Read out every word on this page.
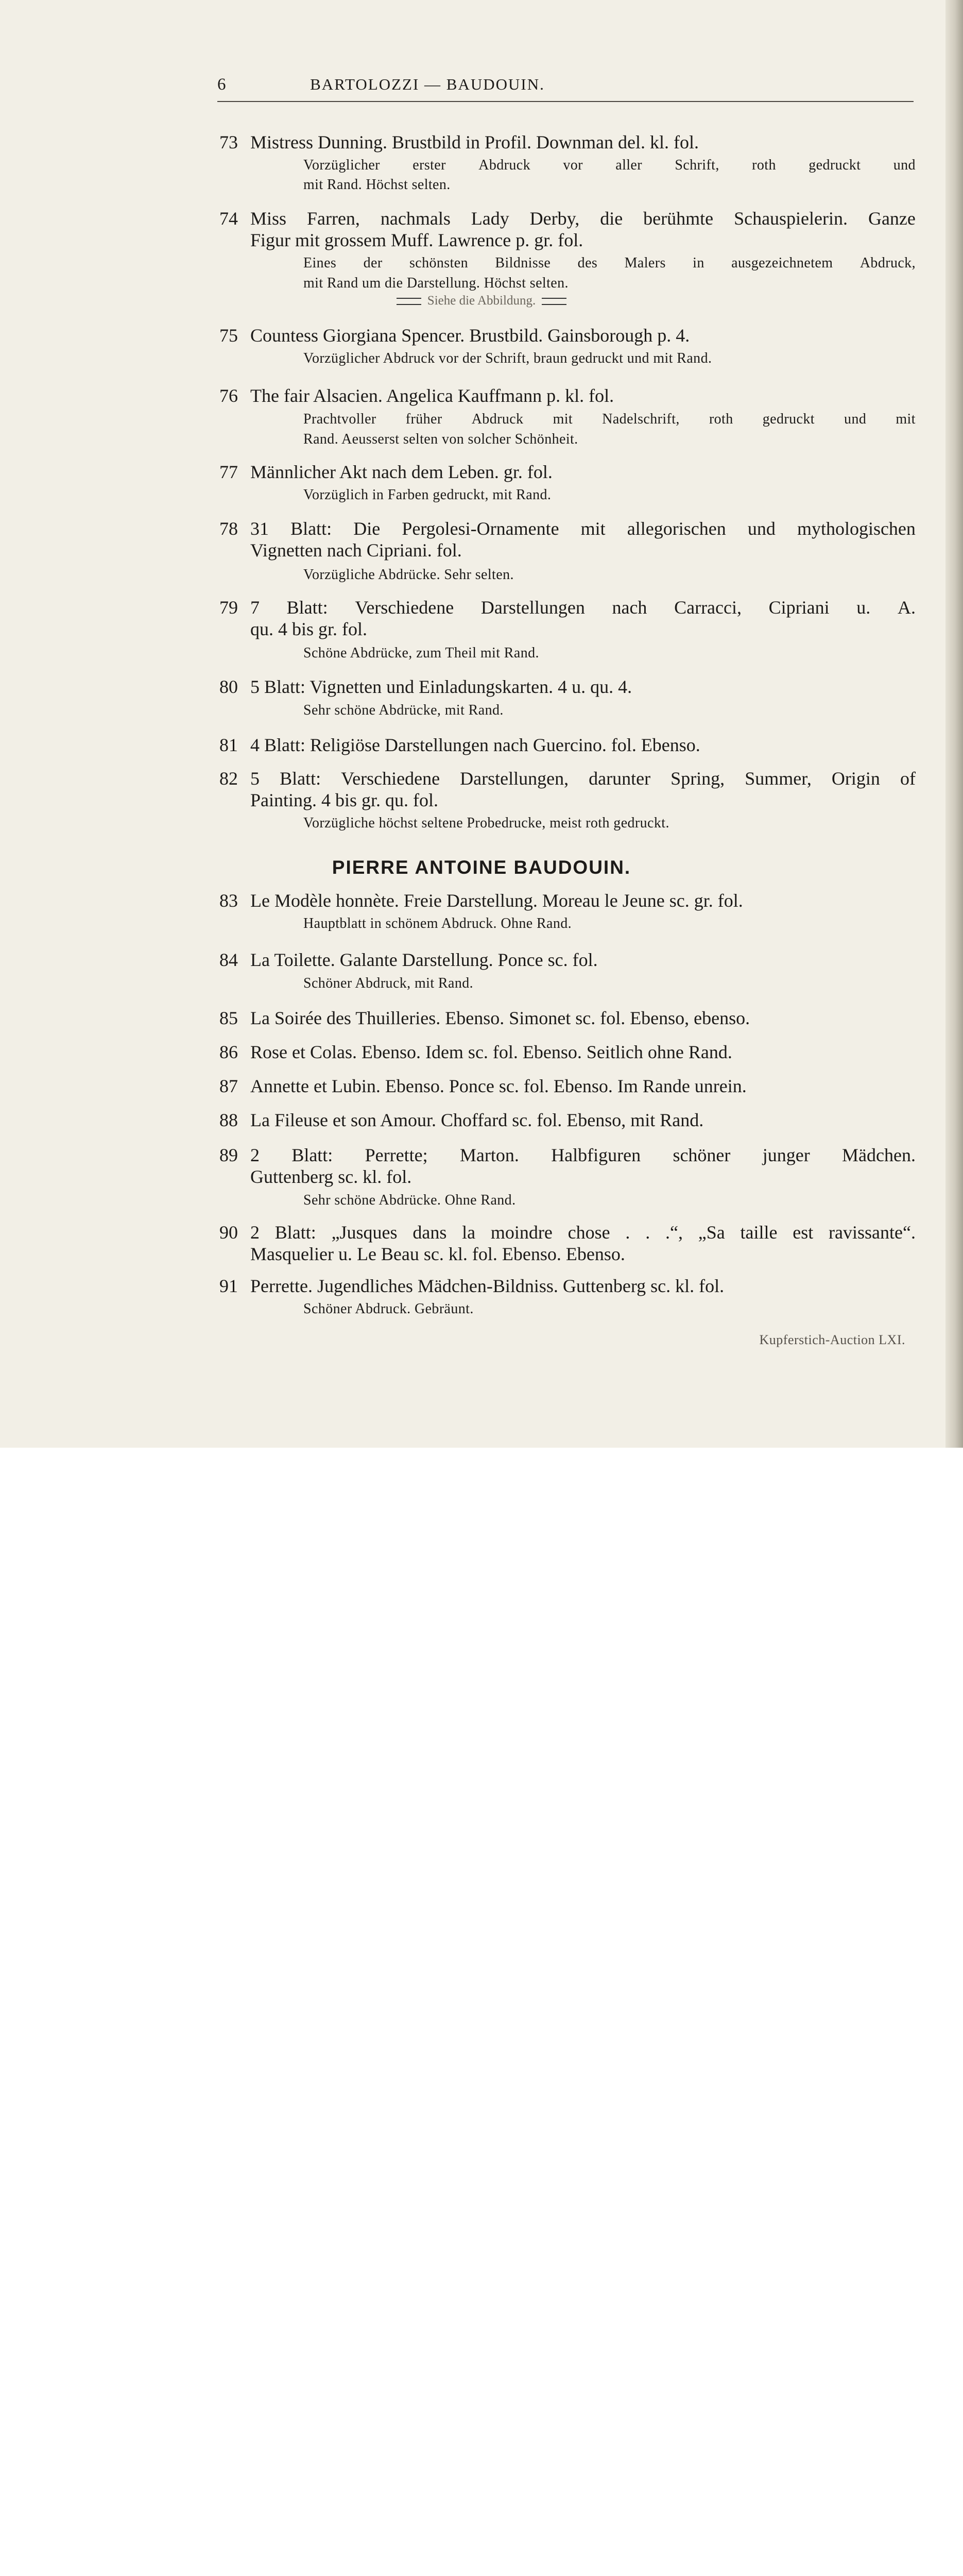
6	BARTOLOZZI — BAUDOUIN.
73 Mistress Dunning. Brustbild in Profil. Downman del. kl. fol.
Vorzüglicher erster Abdruck vor aller Schrift, roth gedruckt und
mit Rand. Höchst selten.
74 Miss Farren, nachmals Lady Derby, die berühmte Schauspielerin. Ganze
Figur mit grossem Muff. Lawrence p. gr. fol.
Eines der schönsten Bildnisse des Malers in ausgezeichnetem Abdruck,
mit Rand um die Darstellung. Höchst selten.
75 Countess Giorgiana Spencer. Brustbild. Gainsborough p. 4.
Vorzüglicher Abdruck vor der Schrift, braun gedruckt und mit Rand.
76 The fair Alsacien. Angelica Kauffmann p. kl. fol.
Prachtvoller früher Abdruck mit Nadelschrift, roth gedruckt und mit
Rand. Aeusserst selten von solcher Schönheit.
77 Männlicher Akt nach dem Leben. gr. fol.
Vorzüglich in Farben gedruckt, mit Rand.
78 31 Blatt: Die Pergolesi-Ornamente mit allegorischen und mythologischen
Vignetten nach Cipriani. fol.
Vorzügliche Abdrücke. Sehr selten.
79 7 Blatt: Verschiedene Darstellungen nach Carracci, Cipriani u. A.
qu. 4 bis gr. fol.
Schöne Abdrücke, zum Theil mit Rand.
80 5 Blatt: Vignetten und Einladungskarten. 4 u. qu. 4.
Sehr schöne Abdrücke, mit Rand.
81 4 Blatt: Religiöse Darstellungen nach Guercino. fol. Ebenso.
82 5 Blatt: Verschiedene Darstellungen, darunter Spring, Summer, Origin of
Painting. 4 bis gr. qu. fol.
Vorzügliche höchst seltene Probedrucke, meist roth gedruckt.
83 Le Modèle honnète. Freie Darstellung. Moreau le Jeune sc. gr. fol.
Hauptblatt in schönem Abdruck. Ohne Rand.
84 La Toilette. Galante Darstellung. Ponce sc. fol.
Schöner Abdruck, mit Rand.
85 La Soirée des Thuilleries. Ebenso. Simonet sc. fol. Ebenso, ebenso.
86 Rose et Colas. Ebenso. Idem sc. fol. Ebenso. Seitlich ohne Rand.
87 Annette et Lubin. Ebenso. Ponce sc. fol. Ebenso. Im Rande unrein.
88 La Fileuse et son Amour. Choffard sc. fol. Ebenso, mit Rand.
89 2 Blatt: Perrette; Marton. Halbfiguren schöner junger Mädchen.
Guttenberg sc. kl. fol.
Sehr schöne Abdrücke. Ohne Rand.
90 2 Blatt: „Jusques dans la moindre chose . . .“, „Sa taille est ravissante“.
Masquelier u. Le Beau sc. kl. fol. Ebenso. Ebenso.
91 Perrette. Jugendliches Mädchen-Bildniss. Guttenberg sc. kl. fol.
Schöner Abdruck. Gebräunt.
Siehe die Abbildung.
PIERRE ANTOINE BAUDOUIN.
Kupferstich-Auction LXI.
